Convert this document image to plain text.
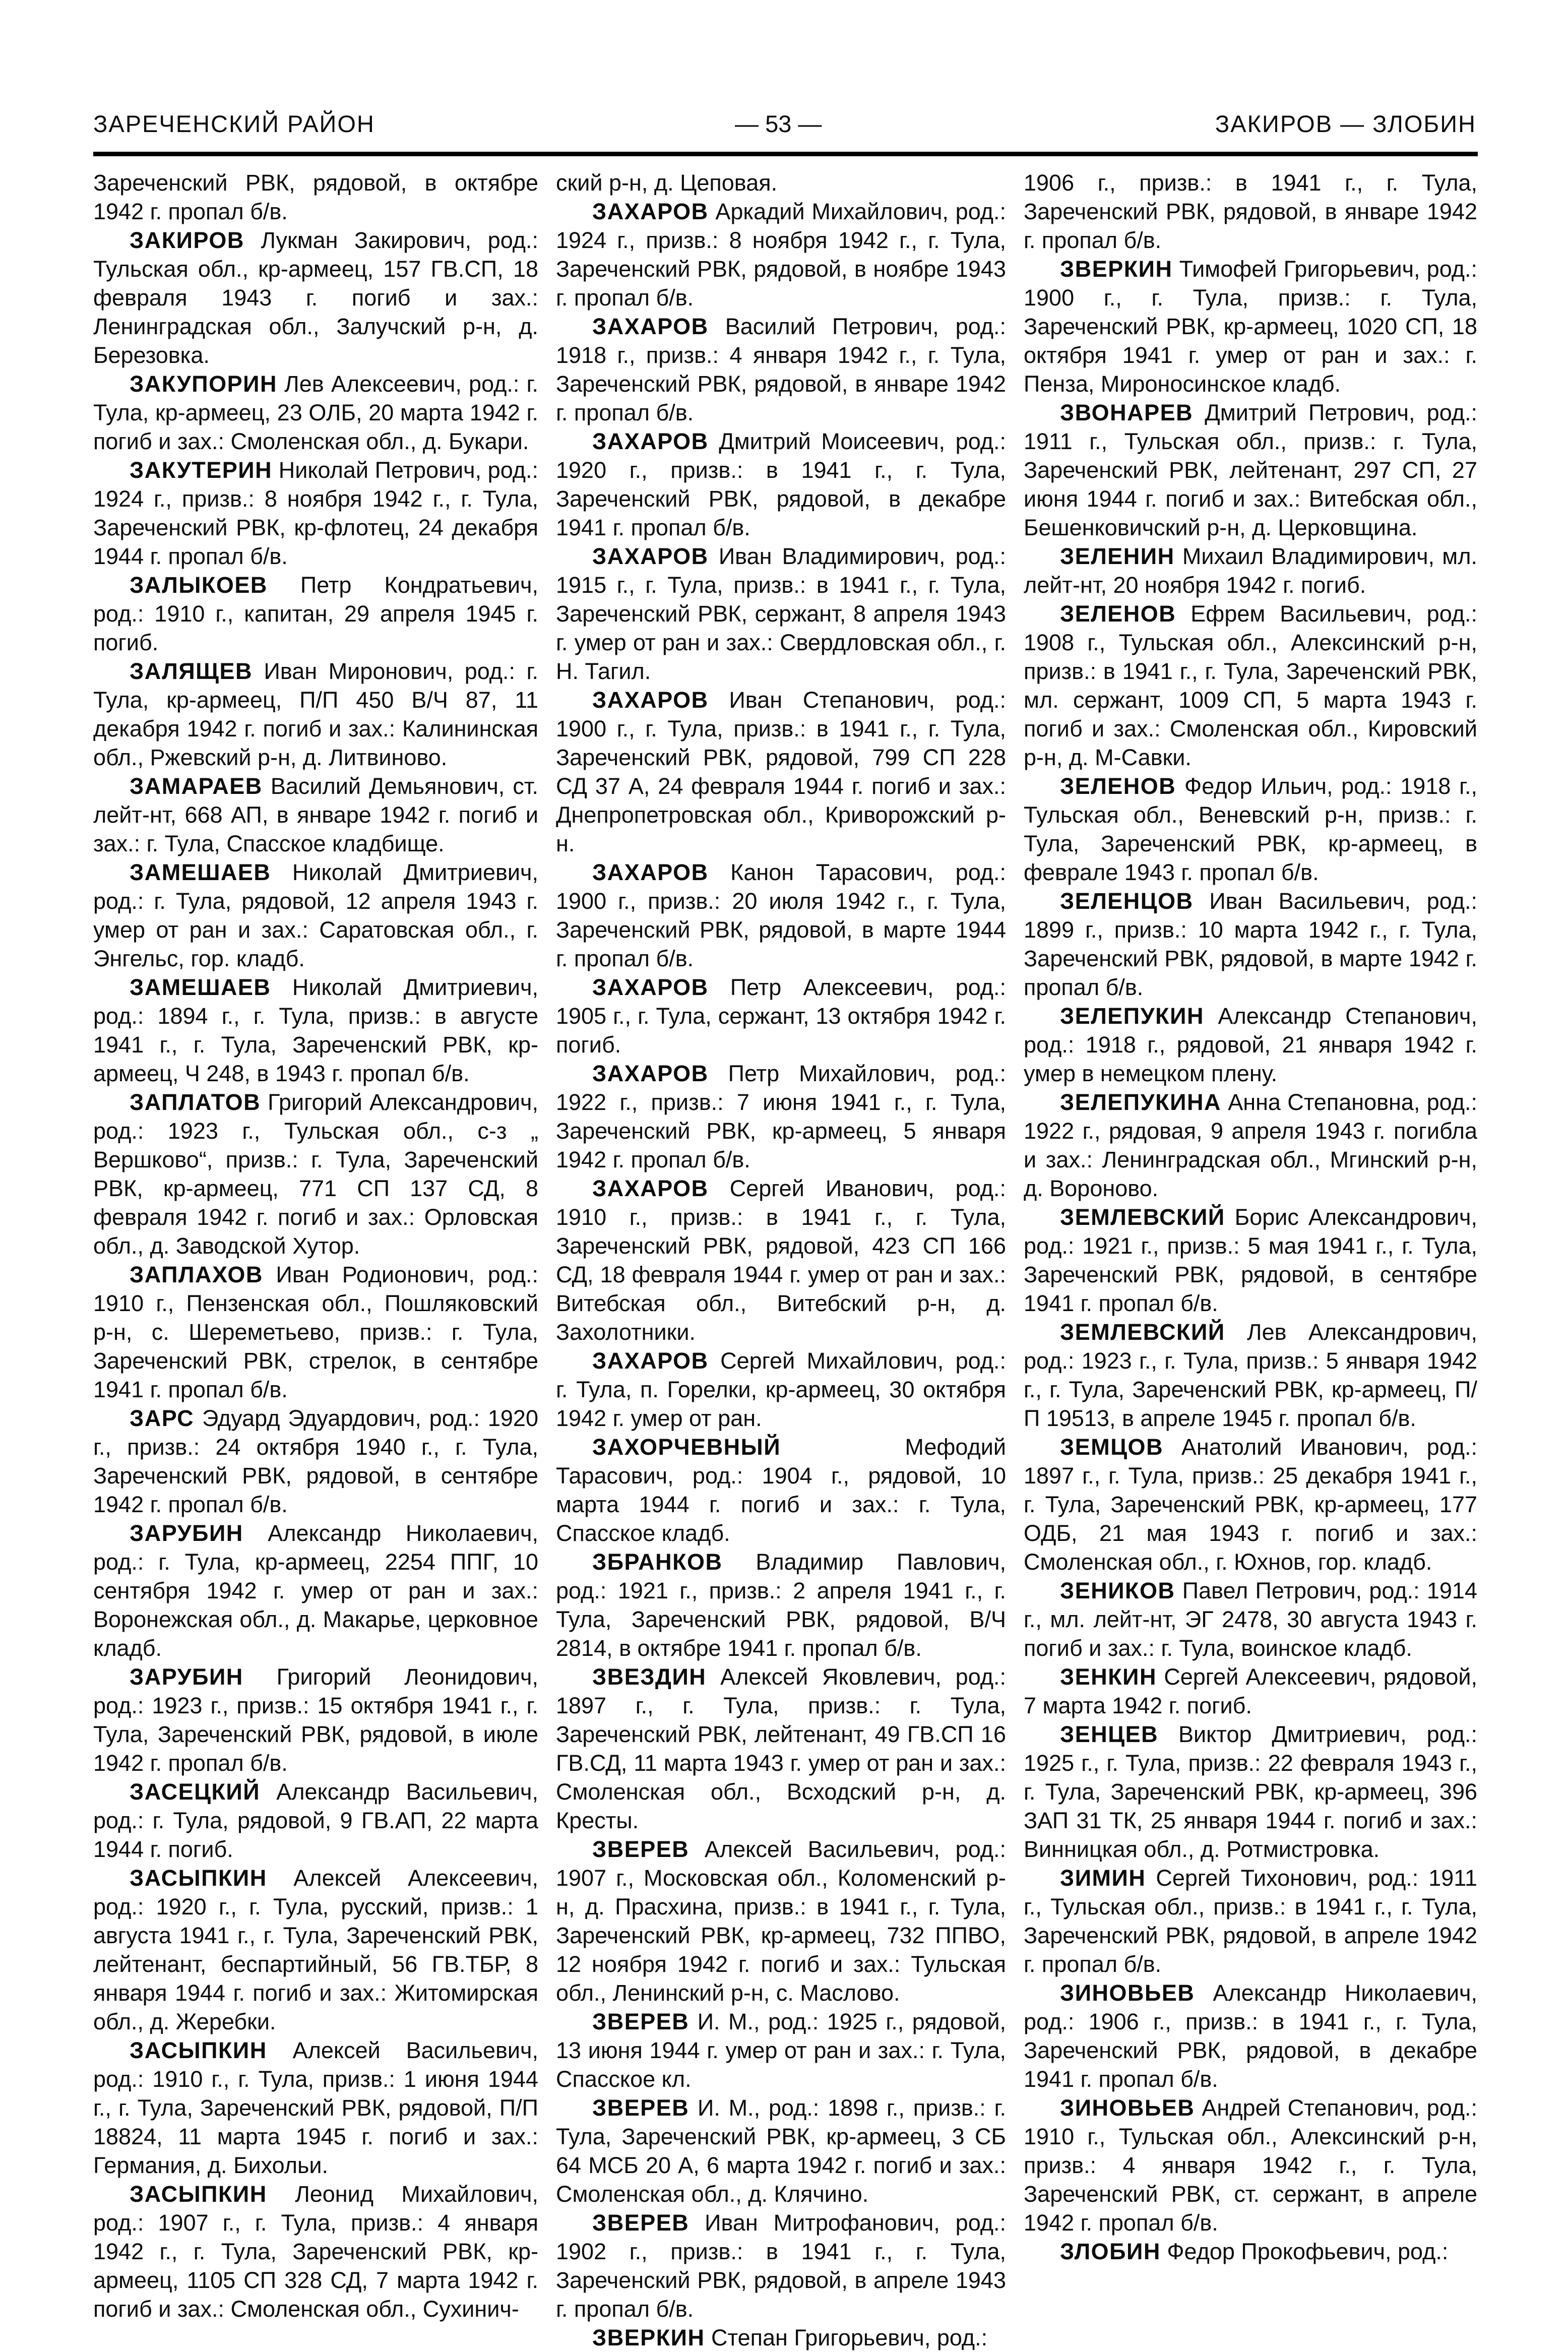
ЗАРЕЧЕНСКИЙ РАЙОН	— 53 —	ЗАКИРОВ — ЗЛОБИН

Зареченский РВК, рядовой, в октябре 1942 г. пропал б/в.

ЗАКИРОВ Лукман Закирович, род.: Тульская обл., кр-армеец, 157 ГВ.СП, 18 февраля 1943 г. погиб и зах.: Ленинградская обл., Залучский р-н, д. Березовка.

ЗАКУПОРИН Лев Алексеевич, род.: г. Тула, кр-армеец, 23 ОЛБ, 20 марта 1942 г. погиб и зах.: Смоленская обл., д. Букари.

ЗАКУТЕРИН Николай Петрович, род.: 1924 г., призв.: 8 ноября 1942 г., г. Тула, Зареченский РВК, кр-флотец, 24 декабря 1944 г. пропал б/в.

ЗАЛЫКОЕВ Петр Кондратьевич, род.: 1910 г., капитан, 29 апреля 1945 г. погиб.

ЗАЛЯЩЕВ Иван Миронович, род.: г. Тула, кр-армеец, П/П 450 В/Ч 87, 11 декабря 1942 г. погиб и зах.: Калининская обл., Ржевский р-н, д. Литвиново.

ЗАМАРАЕВ Василий Демьянович, ст. лейт-нт, 668 АП, в январе 1942 г. погиб и зах.: г. Тула, Спасское кладбище.

ЗАМЕШАЕВ Николай Дмитриевич, род.: г. Тула, рядовой, 12 апреля 1943 г. умер от ран и зах.: Саратовская обл., г. Энгельс, гор. кладб.

ЗАМЕШАЕВ Николай Дмитриевич, род.: 1894 г., г. Тула, призв.: в августе 1941 г., г. Тула, Зареченский РВК, кр-армеец, Ч 248, в 1943 г. пропал б/в.

ЗАПЛАТОВ Григорий Александрович, род.: 1923 г., Тульская обл., с-з „ Вершково“, призв.: г. Тула, Зареченский РВК, кр-армеец, 771 СП 137 СД, 8 февраля 1942 г. погиб и зах.: Орловская обл., д. Заводской Хутор.

ЗАПЛАХОВ Иван Родионович, род.: 1910 г., Пензенская обл., Пошляковский р-н, с. Шереметьево, призв.: г. Тула, Зареченский РВК, стрелок, в сентябре 1941 г. пропал б/в.

ЗАРС Эдуард Эдуардович, род.: 1920 г., призв.: 24 октября 1940 г., г. Тула, Зареченский РВК, рядовой, в сентябре 1942 г. пропал б/в.

ЗАРУБИН Александр Николаевич, род.: г. Тула, кр-армеец, 2254 ППГ, 10 сентября 1942 г. умер от ран и зах.: Воронежская обл., д. Макарье, церковное кладб.

ЗАРУБИН Григорий Леонидович, род.: 1923 г., призв.: 15 октября 1941 г., г. Тула, Зареченский РВК, рядовой, в июле 1942 г. пропал б/в.

ЗАСЕЦКИЙ Александр Васильевич, род.: г. Тула, рядовой, 9 ГВ.АП, 22 марта 1944 г. погиб.

ЗАСЫПКИН Алексей Алексеевич, род.: 1920 г., г. Тула, русский, призв.: 1 августа 1941 г., г. Тула, Зареченский РВК, лейтенант, беспартийный, 56 ГВ.ТБР, 8 января 1944 г. погиб и зах.: Житомирская обл., д. Жеребки.

ЗАСЫПКИН Алексей Васильевич, род.: 1910 г., г. Тула, призв.: 1 июня 1944 г., г. Тула, Зареченский РВК, рядовой, П/П 18824, 11 марта 1945 г. погиб и зах.: Германия, д. Бихольи.

ЗАСЫПКИН Леонид Михайлович, род.: 1907 г., г. Тула, призв.: 4 января 1942 г., г. Тула, Зареченский РВК, кр-армеец, 1105 СП 328 СД, 7 марта 1942 г. погиб и зах.: Смоленская обл., Сухинич-

ский р-н, д. Цеповая.

ЗАХАРОВ Аркадий Михайлович, род.: 1924 г., призв.: 8 ноября 1942 г., г. Тула, Зареченский РВК, рядовой, в ноябре 1943 г. пропал б/в.

ЗАХАРОВ Василий Петрович, род.: 1918 г., призв.: 4 января 1942 г., г. Тула, Зареченский РВК, рядовой, в январе 1942 г. пропал б/в.

ЗАХАРОВ Дмитрий Моисеевич, род.: 1920 г., призв.: в 1941 г., г. Тула, Зареченский РВК, рядовой, в декабре 1941 г. пропал б/в.

ЗАХАРОВ Иван Владимирович, род.: 1915 г., г. Тула, призв.: в 1941 г., г. Тула, Зареченский РВК, сержант, 8 апреля 1943 г. умер от ран и зах.: Свердловская обл., г. Н. Тагил.

ЗАХАРОВ Иван Степанович, род.: 1900 г., г. Тула, призв.: в 1941 г., г. Тула, Зареченский РВК, рядовой, 799 СП 228 СД 37 А, 24 февраля 1944 г. погиб и зах.: Днепропетровская обл., Криворожский р-н.

ЗАХАРОВ Канон Тарасович, род.: 1900 г., призв.: 20 июля 1942 г., г. Тула, Зареченский РВК, рядовой, в марте 1944 г. пропал б/в.

ЗАХАРОВ Петр Алексеевич, род.: 1905 г., г. Тула, сержант, 13 октября 1942 г. погиб.

ЗАХАРОВ Петр Михайлович, род.: 1922 г., призв.: 7 июня 1941 г., г. Тула, Зареченский РВК, кр-армеец, 5 января 1942 г. пропал б/в.

ЗАХАРОВ Сергей Иванович, род.: 1910 г., призв.: в 1941 г., г. Тула, Зареченский РВК, рядовой, 423 СП 166 СД, 18 февраля 1944 г. умер от ран и зах.: Витебская обл., Витебский р-н, д. Захолотники.

ЗАХАРОВ Сергей Михайлович, род.: г. Тула, п. Горелки, кр-армеец, 30 октября 1942 г. умер от ран.

ЗАХОРЧЕВНЫЙ Мефодий Тарасович, род.: 1904 г., рядовой, 10 марта 1944 г. погиб и зах.: г. Тула, Спасское кладб.

ЗБРАНКОВ Владимир Павлович, род.: 1921 г., призв.: 2 апреля 1941 г., г. Тула, Зареченский РВК, рядовой, В/Ч 2814, в октябре 1941 г. пропал б/в.

ЗВЕЗДИН Алексей Яковлевич, род.: 1897 г., г. Тула, призв.: г. Тула, Зареченский РВК, лейтенант, 49 ГВ.СП 16 ГВ.СД, 11 марта 1943 г. умер от ран и зах.: Смоленская обл., Всходский р-н, д. Кресты.

ЗВЕРЕВ Алексей Васильевич, род.: 1907 г., Московская обл., Коломенский р-н, д. Прасхина, призв.: в 1941 г., г. Тула, Зареченский РВК, кр-армеец, 732 ППВО, 12 ноября 1942 г. погиб и зах.: Тульская обл., Ленинский р-н, с. Маслово.

ЗВЕРЕВ И. М., род.: 1925 г., рядовой, 13 июня 1944 г. умер от ран и зах.: г. Тула, Спасское кл.

ЗВЕРЕВ И. М., род.: 1898 г., призв.: г. Тула, Зареченский РВК, кр-армеец, 3 СБ 64 МСБ 20 А, 6 марта 1942 г. погиб и зах.: Смоленская обл., д. Клячино.

ЗВЕРЕВ Иван Митрофанович, род.: 1902 г., призв.: в 1941 г., г. Тула, Зареченский РВК, рядовой, в апреле 1943 г. пропал б/в.

ЗВЕРКИН Степан Григорьевич, род.:

1906 г., призв.: в 1941 г., г. Тула, Зареченский РВК, рядовой, в январе 1942 г. пропал б/в.

ЗВЕРКИН Тимофей Григорьевич, род.: 1900 г., г. Тула, призв.: г. Тула, Зареченский РВК, кр-армеец, 1020 СП, 18 октября 1941 г. умер от ран и зах.: г. Пенза, Мироносинское кладб.

ЗВОНАРЕВ Дмитрий Петрович, род.: 1911 г., Тульская обл., призв.: г. Тула, Зареченский РВК, лейтенант, 297 СП, 27 июня 1944 г. погиб и зах.: Витебская обл., Бешенковичский р-н, д. Церковщина.

ЗЕЛЕНИН Михаил Владимирович, мл. лейт-нт, 20 ноября 1942 г. погиб.

ЗЕЛЕНОВ Ефрем Васильевич, род.: 1908 г., Тульская обл., Алексинский р-н, призв.: в 1941 г., г. Тула, Зареченский РВК, мл. сержант, 1009 СП, 5 марта 1943 г. погиб и зах.: Смоленская обл., Кировский р-н, д. М-Савки.

ЗЕЛЕНОВ Федор Ильич, род.: 1918 г., Тульская обл., Веневский р-н, призв.: г. Тула, Зареченский РВК, кр-армеец, в феврале 1943 г. пропал б/в.

ЗЕЛЕНЦОВ Иван Васильевич, род.: 1899 г., призв.: 10 марта 1942 г., г. Тула, Зареченский РВК, рядовой, в марте 1942 г. пропал б/в.

ЗЕЛЕПУКИН Александр Степанович, род.: 1918 г., рядовой, 21 января 1942 г. умер в немецком плену.

ЗЕЛЕПУКИНА Анна Степановна, род.: 1922 г., рядовая, 9 апреля 1943 г. погибла и зах.: Ленинградская обл., Мгинский р-н, д. Вороново.

ЗЕМЛЕВСКИЙ Борис Александрович, род.: 1921 г., призв.: 5 мая 1941 г., г. Тула, Зареченский РВК, рядовой, в сентябре 1941 г. пропал б/в.

ЗЕМЛЕВСКИЙ Лев Александрович, род.: 1923 г., г. Тула, призв.: 5 января 1942 г., г. Тула, Зареченский РВК, кр-армеец, П/П 19513, в апреле 1945 г. пропал б/в.

ЗЕМЦОВ Анатолий Иванович, род.: 1897 г., г. Тула, призв.: 25 декабря 1941 г., г. Тула, Зареченский РВК, кр-армеец, 177 ОДБ, 21 мая 1943 г. погиб и зах.: Смоленская обл., г. Юхнов, гор. кладб.

ЗЕНИКОВ Павел Петрович, род.: 1914 г., мл. лейт-нт, ЭГ 2478, 30 августа 1943 г. погиб и зах.: г. Тула, воинское кладб.

ЗЕНКИН Сергей Алексеевич, рядовой, 7 марта 1942 г. погиб.

ЗЕНЦЕВ Виктор Дмитриевич, род.: 1925 г., г. Тула, призв.: 22 февраля 1943 г., г. Тула, Зареченский РВК, кр-армеец, 396 ЗАП 31 ТК, 25 января 1944 г. погиб и зах.: Винницкая обл., д. Ротмистровка.

ЗИМИН Сергей Тихонович, род.: 1911 г., Тульская обл., призв.: в 1941 г., г. Тула, Зареченский РВК, рядовой, в апреле 1942 г. пропал б/в.

ЗИНОВЬЕВ Александр Николаевич, род.: 1906 г., призв.: в 1941 г., г. Тула, Зареченский РВК, рядовой, в декабре 1941 г. пропал б/в.

ЗИНОВЬЕВ Андрей Степанович, род.: 1910 г., Тульская обл., Алексинский р-н, призв.: 4 января 1942 г., г. Тула, Зареченский РВК, ст. сержант, в апреле 1942 г. пропал б/в.

ЗЛОБИН Федор Прокофьевич, род.:
